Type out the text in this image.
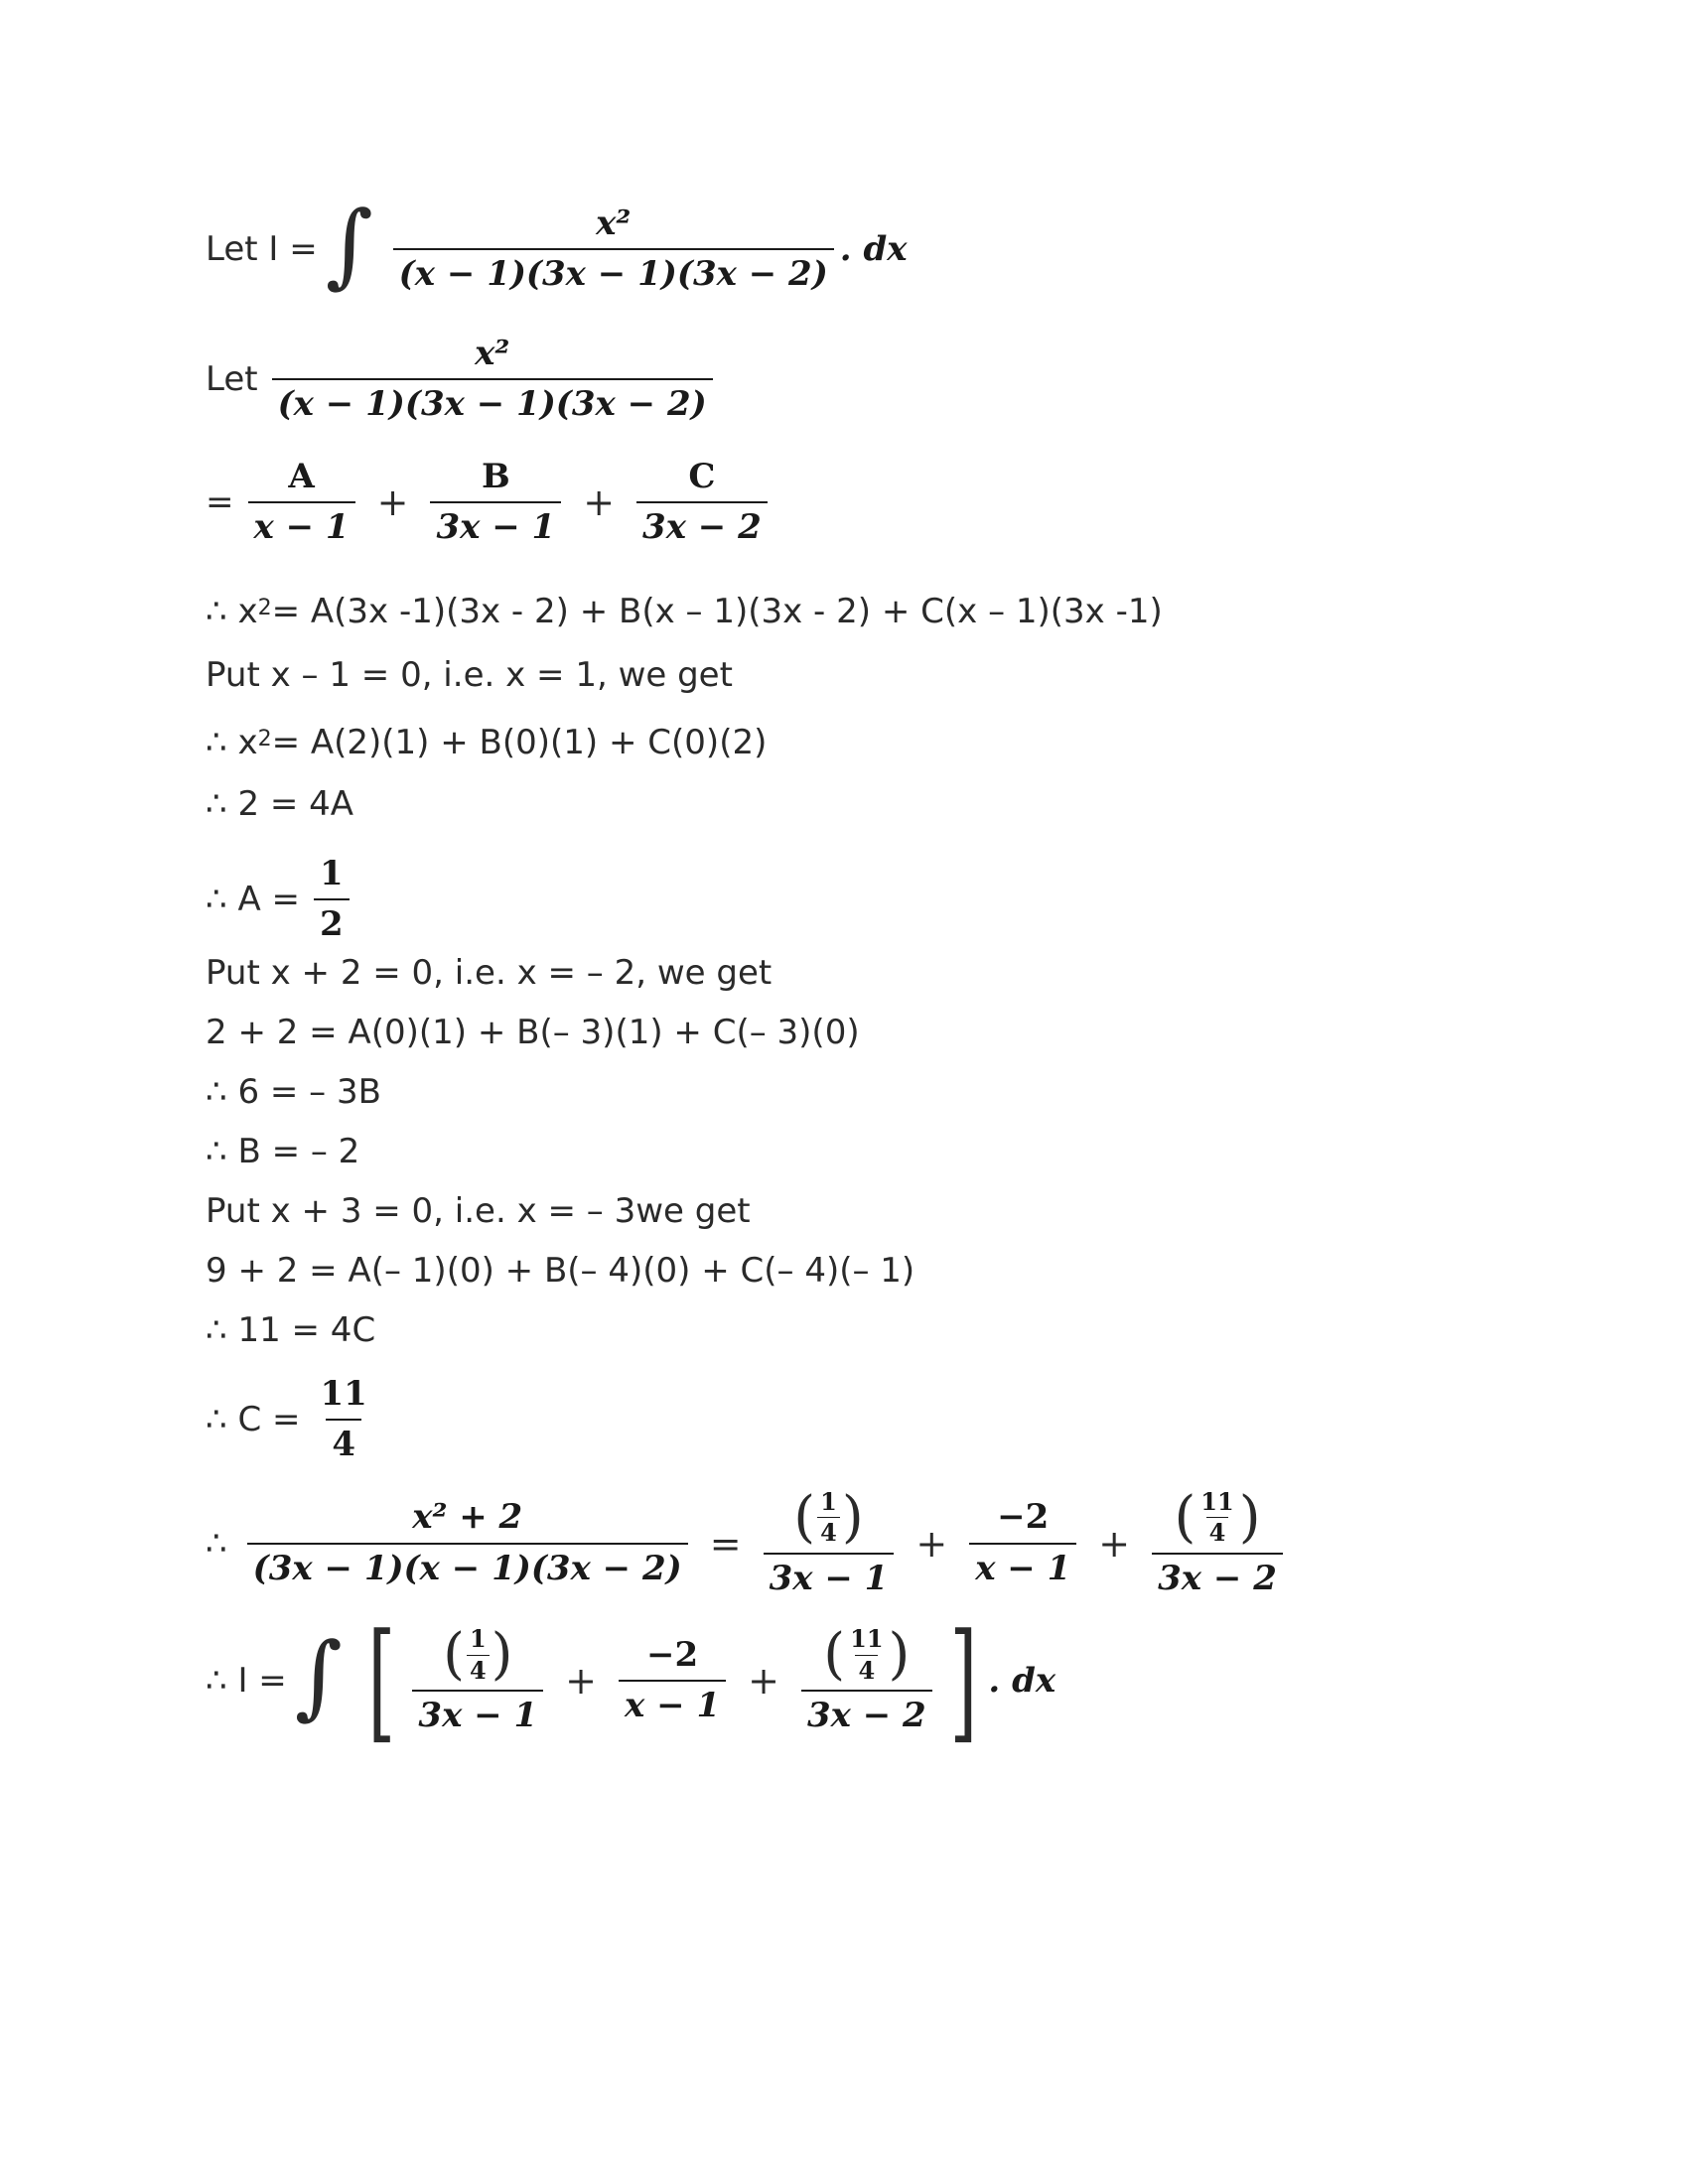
Let I = ∫ $\frac{\text{x²}}{(x - 1)(3x - 1)(3x - 2)}$ . dx
Let $\frac{\text{x²}}{(x - 1)(3x - 1)(3x - 2)}$
= $\frac{A}{x - 1} + \frac{B}{3x - 1} + \frac{C}{3x - 2}$
∴ $x^2 = A(3x$ -1)(3x - 2) + B(x – 1)(3x - 2) + C(x – 1)(3x -1)
Put x – 1 = 0, i.e. x = 1, we get
∴ $x^2 = A(2)(1) + B(0)(1) + C(0)(2)$
∴ 2 = 4A
∴ $A = \frac{1}{2}$
Put x + 2 = 0, i.e. x = – 2, we get
2 + 2 = A(0)(1) + B(– 3)(1) + C(– 3)(0)
∴ 6 = – 3B
∴ B = – 2
Put x + 3 = 0, i.e. x = – 3we get
9 + 2 = A(– 1)(0) + B(– 4)(0) + C(– 4)(– 1)
∴ 11 = 4C
∴ $C = \frac{11}{4}$
∴ $\frac{\text{x² + 2}}{(3x - 1)(x - 1)(3x - 2)}$ = ( $\frac{1}{4}$ )
3x − 1
+ $\frac{-2}{x - 1}$ + ( $\frac{11}{4}$ )
3x − 2
∴ I = ∫ [ ( $\frac{1}{4}$ )
3x − 1
+ $\frac{-2}{x - 1}$ + ( $\frac{11}{4}$ )
3x − 2 ] . dx
